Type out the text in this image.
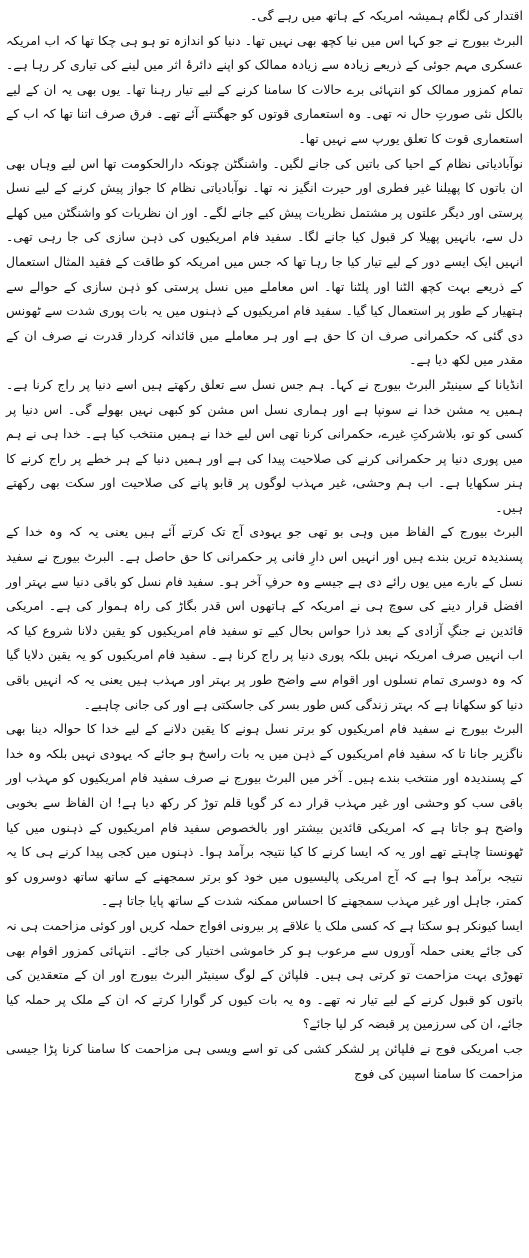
اقتدار کی لگام ہمیشہ امریکہ کے ہاتھ میں رہے گی۔

البرٹ بیورج نے جو کہا اس میں نیا کچھ بھی نہیں تھا۔ دنیا کو اندازہ تو ہو ہی چکا تھا کہ اب امریکہ عسکری مہم جوئی کے ذریعے زیادہ سے زیادہ ممالک کو اپنے دائرۂ اثر میں لینے کی تیاری کر رہا ہے۔ تمام کمزور ممالک کو انتہائی برے حالات کا سامنا کرنے کے لیے تیار رہنا تھا۔ یوں بھی یہ ان کے لیے بالکل نئی صورتِ حال نہ تھی۔ وہ استعماری قوتوں کو جھگتتے آئے تھے۔ فرق صرف اتنا تھا کہ اب کے استعماری قوت کا تعلق یورپ سے نہیں تھا۔

نوآبادیاتی نظام کے احیا کی باتیں کی جانے لگیں۔ واشنگٹن چونکہ دارالحکومت تھا اس لیے وہاں بھی ان باتوں کا پھیلنا غیر فطری اور حیرت انگیز نہ تھا۔ نوآبادیاتی نظام کا جواز پیش کرنے کے لیے نسل پرستی اور دیگر علتوں پر مشتمل نظریات پیش کیے جانے لگے۔ اور ان نظریات کو واشنگٹن میں کھلے دل سے، بانہیں پھیلا کر قبول کیا جانے لگا۔ سفید فام امریکیوں کی ذہن سازی کی جا رہی تھی۔ انہیں ایک ایسے دور کے لیے تیار کیا جا رہا تھا کہ جس میں امریکہ کو طاقت کے فقید المثال استعمال کے ذریعے بہت کچھ الٹنا اور پلٹنا تھا۔ اس معاملے میں نسل پرستی کو ذہن سازی کے حوالے سے ہتھیار کے طور پر استعمال کیا گیا۔ سفید فام امریکیوں کے ذہنوں میں یہ بات پوری شدت سے ٹھونس دی گئی کہ حکمرانی صرف ان کا حق ہے اور ہر معاملے میں قائدانہ کردار قدرت نے صرف ان کے مقدر میں لکھ دیا ہے۔

انڈیانا کے سینیٹر البرٹ بیورج نے کہا۔ ہم جس نسل سے تعلق رکھتے ہیں اسے دنیا پر راج کرنا ہے۔ ہمیں یہ مشن خدا نے سونپا ہے اور ہماری نسل اس مشن کو کبھی نہیں بھولے گی۔ اس دنیا پر کسی کو تو، بلاشرکتِ غیرے، حکمرانی کرنا تھی اس لیے خدا نے ہمیں منتخب کیا ہے۔ خدا ہی نے ہم میں پوری دنیا پر حکمرانی کرنے کی صلاحیت پیدا کی ہے اور ہمیں دنیا کے ہر خطے پر راج کرنے کا ہنر سکھایا ہے۔ اب ہم وحشی، غیر مہذب لوگوں پر قابو پانے کی صلاحیت اور سکت بھی رکھتے ہیں۔

البرٹ بیورج کے الفاظ میں وہی بو تھی جو یہودی آج تک کرتے آئے ہیں یعنی یہ کہ وہ خدا کے پسندیدہ ترین بندے ہیں اور انہیں اس دارِ فانی پر حکمرانی کا حق حاصل ہے۔ البرٹ بیورج نے سفید نسل کے بارے میں یوں رائے دی ہے جیسے وہ حرفِ آخر ہو۔ سفید فام نسل کو باقی دنیا سے بہتر اور افضل قرار دینے کی سوچ ہی نے امریکہ کے ہاتھوں اس قدر بگاڑ کی راہ ہموار کی ہے۔ امریکی قائدین نے جنگِ آزادی کے بعد ذرا حواس بحال کیے تو سفید فام امریکیوں کو یقین دلانا شروع کیا کہ اب انہیں صرف امریکہ نہیں بلکہ پوری دنیا پر راج کرنا ہے۔ سفید فام امریکیوں کو یہ یقین دلایا گیا کہ وہ دوسری تمام نسلوں اور اقوام سے واضح طور پر بہتر اور مہذب ہیں یعنی یہ کہ انہیں باقی دنیا کو سکھانا ہے کہ بہتر زندگی کس طور بسر کی جاسکتی ہے اور کی جانی چاہیے۔

البرٹ بیورج نے سفید فام امریکیوں کو برتر نسل ہونے کا یقین دلانے کے لیے خدا کا حوالہ دینا بھی ناگزیر جانا تا کہ سفید فام امریکیوں کے ذہن میں یہ بات راسخ ہو جائے کہ یہودی نہیں بلکہ وہ خدا کے پسندیدہ اور منتخب بندے ہیں۔ آخر میں البرٹ بیورج نے صرف سفید فام امریکیوں کو مہذب اور باقی سب کو وحشی اور غیر مہذب قرار دے کر گویا قلم توڑ کر رکھ دیا ہے! ان الفاظ سے بخوبی واضح ہو جاتا ہے کہ امریکی قائدین بیشتر اور بالخصوص سفید فام امریکیوں کے ذہنوں میں کیا ٹھونستا چاہتے تھے اور یہ کہ ایسا کرنے کا کیا نتیجہ برآمد ہوا۔ ذہنوں میں کجی پیدا کرنے ہی کا یہ نتیجہ برآمد ہوا ہے کہ آج امریکی پالیسیوں میں خود کو برتر سمجھنے کے ساتھ ساتھ دوسروں کو کمتر، جاہل اور غیر مہذب سمجھنے کا احساس ممکنہ شدت کے ساتھ پایا جاتا ہے۔

ایسا کیونکر ہو سکتا ہے کہ کسی ملک یا علاقے پر بیرونی افواج حملہ کریں اور کوئی مزاحمت ہی نہ کی جائے یعنی حملہ آوروں سے مرعوب ہو کر خاموشی اختیار کی جائے۔ انتہائی کمزور اقوام بھی تھوڑی بہت مزاحمت تو کرتی ہی ہیں۔ فلپائن کے لوگ سینیٹر البرٹ بیورج اور ان کے متعقدین کی باتوں کو قبول کرنے کے لیے تیار نہ تھے۔ وہ یہ بات کیوں کر گوارا کرتے کہ ان کے ملک پر حملہ کیا جائے، ان کی سرزمین پر قبضہ کر لیا جائے؟

جب امریکی فوج نے فلپائن پر لشکر کشی کی تو اسے ویسی ہی مزاحمت کا سامنا کرنا پڑا جیسی مزاحمت کا سامنا اسپین کی فوج
